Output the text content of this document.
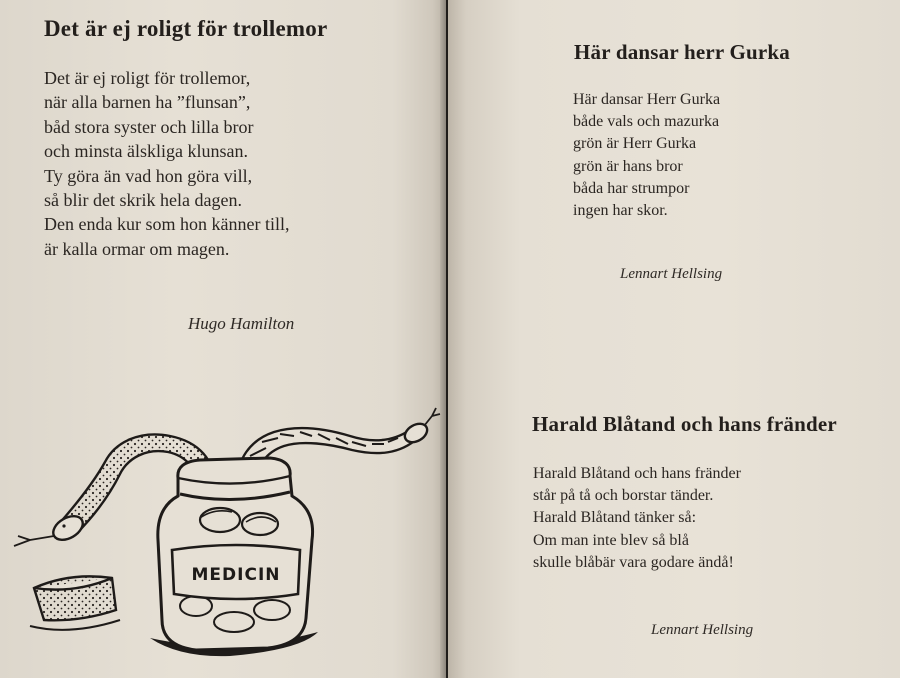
Det är ej roligt för trollemor
Det är ej roligt för trollemor,
när alla barnen ha ”flunsan”,
båd stora syster och lilla bror
och minsta älskliga klunsan.
Ty göra än vad hon göra vill,
så blir det skrik hela dagen.
Den enda kur som hon känner till,
är kalla ormar om magen.

Hugo Hamilton

MEDICIN
Här dansar herr Gurka
Här dansar Herr Gurka
både vals och mazurka
grön är Herr Gurka
grön är hans bror
båda har strumpor
ingen har skor.

Lennart Hellsing

Harald Blåtand och hans fränder
Harald Blåtand och hans fränder
står på tå och borstar tänder.
Harald Blåtand tänker så:
Om man inte blev så blå
skulle blåbär vara godare ändå!

Lennart Hellsing
